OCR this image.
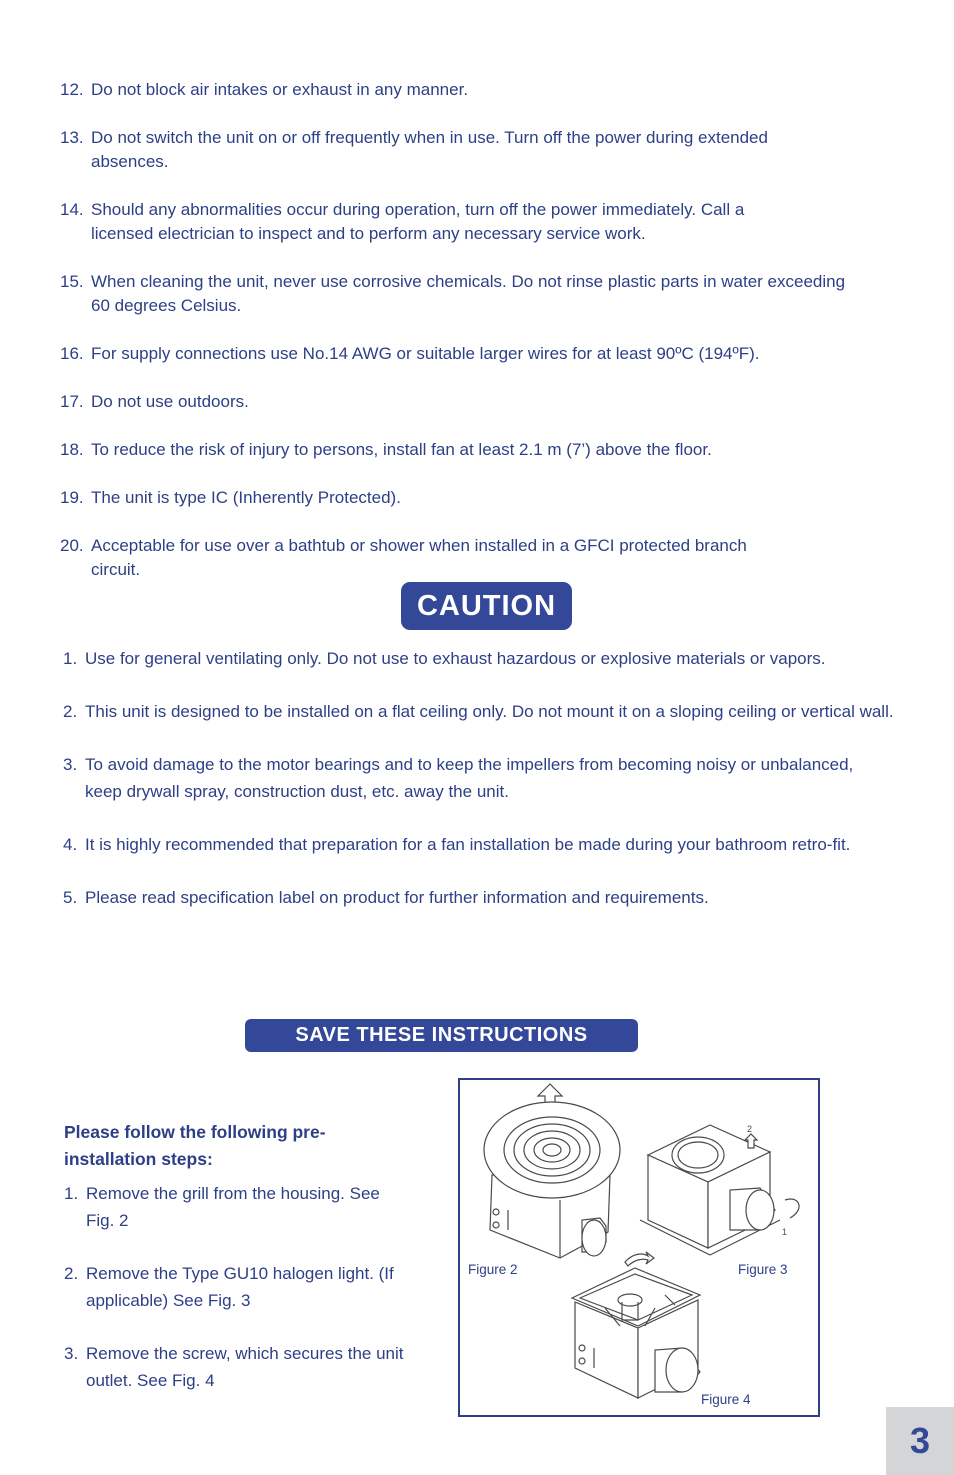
12. Do not block air intakes or exhaust in any manner.
13. Do not switch the unit on or off frequently when in use. Turn off the power during extended absences.
14. Should any abnormalities occur during operation, turn off the power immediately. Call a licensed electrician to inspect and to perform any necessary service work.
15. When cleaning the unit, never use corrosive chemicals. Do not rinse plastic parts in water exceeding 60 degrees Celsius.
16. For supply connections use No.14 AWG or suitable larger wires for at least 90ºC (194ºF).
17. Do not use outdoors.
18. To reduce the risk of injury to persons, install fan at least 2.1 m (7’) above the floor.
19. The unit is type IC (Inherently Protected).
20. Acceptable for use over a bathtub or shower when installed in a GFCI protected branch circuit.
CAUTION
1. Use for general ventilating only. Do not use to exhaust hazardous or explosive materials or vapors.
2. This unit is designed to be installed on a flat ceiling only. Do not mount it on a sloping ceiling or vertical wall.
3. To avoid damage to the motor bearings and to keep the impellers from becoming noisy or unbalanced, keep drywall spray, construction dust, etc. away the unit.
4. It is highly recommended that preparation for a fan installation be made during your bathroom retro-fit.
5. Please read specification label on product for further information and requirements.
SAVE THESE INSTRUCTIONS

Please follow the following pre-installation steps:

1. Remove the grill from the housing. See Fig. 2
2. Remove the Type GU10 halogen light. (If applicable) See Fig. 3
3. Remove the screw, which secures the unit outlet. See Fig. 4
2
1
Figure 2	Figure 3
Figure 4
3
